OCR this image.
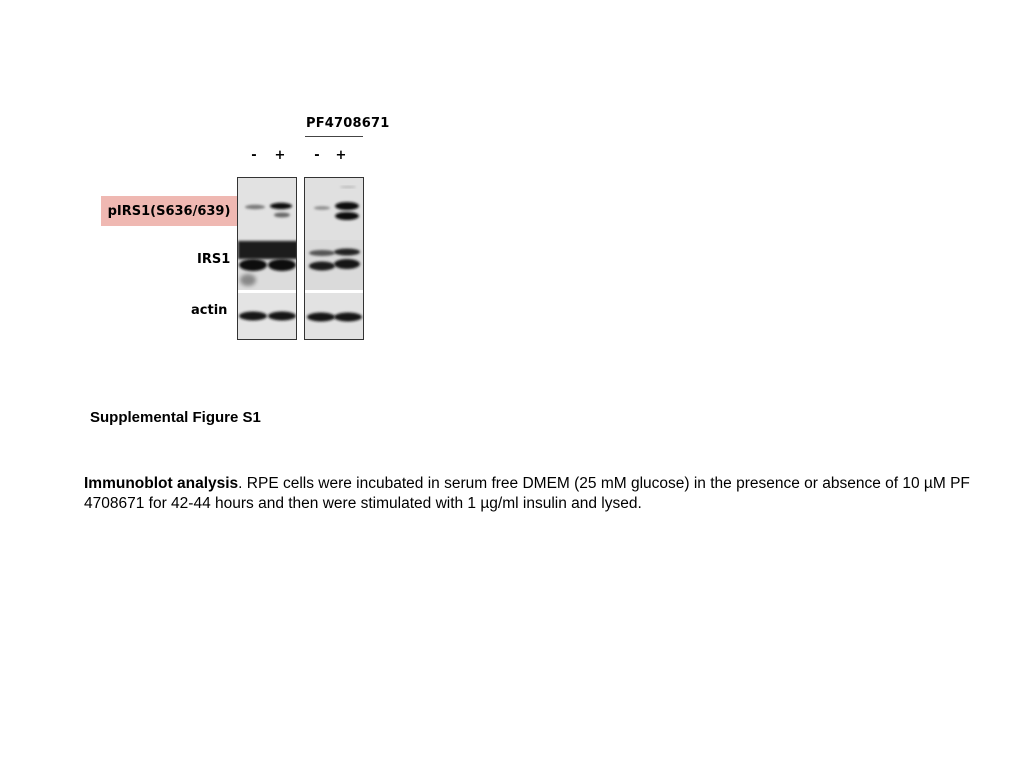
PF4708671
- + - +
pIRS1(S636/639)
IRS1
actin
Supplemental Figure S1
Immunoblot analysis. RPE cells were incubated in serum free DMEM (25 mM glucose) in the presence or absence of 10 µM PF 4708671 for 42-44 hours and then were stimulated with 1 µg/ml insulin and lysed.
